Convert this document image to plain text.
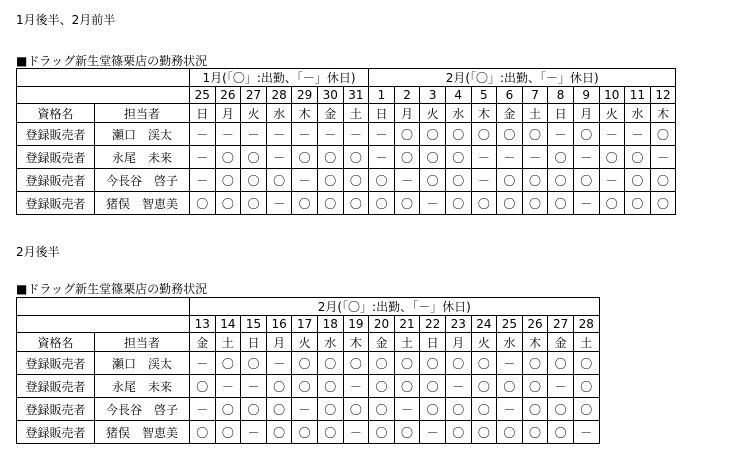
1月後半、2月前半
■ドラッグ新生堂篠栗店の勤務状況
		1月(「〇」:出勤、「－」休日)							2月(「〇」:出勤、「－」休日)											
		25	26	27	28	29	30	31	1	2	3	4	5	6	7	8	9	10	11	12
資格名	担当者	日	月	火	水	木	金	土	日	月	火	水	木	金	土	日	月	火	水	木
登録販売者	瀬口　渓太	－	－	－	－	－	－	－	－	〇	〇	〇	〇	〇	〇	－	〇	－	－	〇
登録販売者	永尾　未来	－	〇	〇	－	〇	〇	〇	－	〇	〇	〇	－	－	－	〇	－	〇	〇	－
登録販売者	今長谷　啓子	－	〇	〇	〇	－	〇	〇	〇	－	〇	〇	－	〇	〇	〇	〇	－	〇	〇
登録販売者	猪俣　智恵美	〇	〇	〇	－	〇	〇	〇	〇	〇	－	〇	〇	〇	〇	〇	－	〇	〇	〇
2月後半
■ドラッグ新生堂篠栗店の勤務状況
		2月(「〇」:出勤、「－」休日)															
		13	14	15	16	17	18	19	20	21	22	23	24	25	26	27	28
資格名	担当者	金	土	日	月	火	水	木	金	土	日	月	火	水	木	金	土
登録販売者	瀬口　渓太	－	〇	〇	－	〇	〇	〇	〇	〇	〇	〇	〇	－	〇	〇	〇
登録販売者	永尾　未来	〇	－	－	〇	〇	〇	－	〇	〇	〇	－	〇	〇	〇	－	〇
登録販売者	今長谷　啓子	－	〇	〇	〇	－	〇	〇	〇	－	〇	〇	〇	－	〇	〇	〇
登録販売者	猪俣　智恵美	〇	〇	－	〇	〇	〇	－	〇	〇	－	〇	〇	〇	〇	〇	－
